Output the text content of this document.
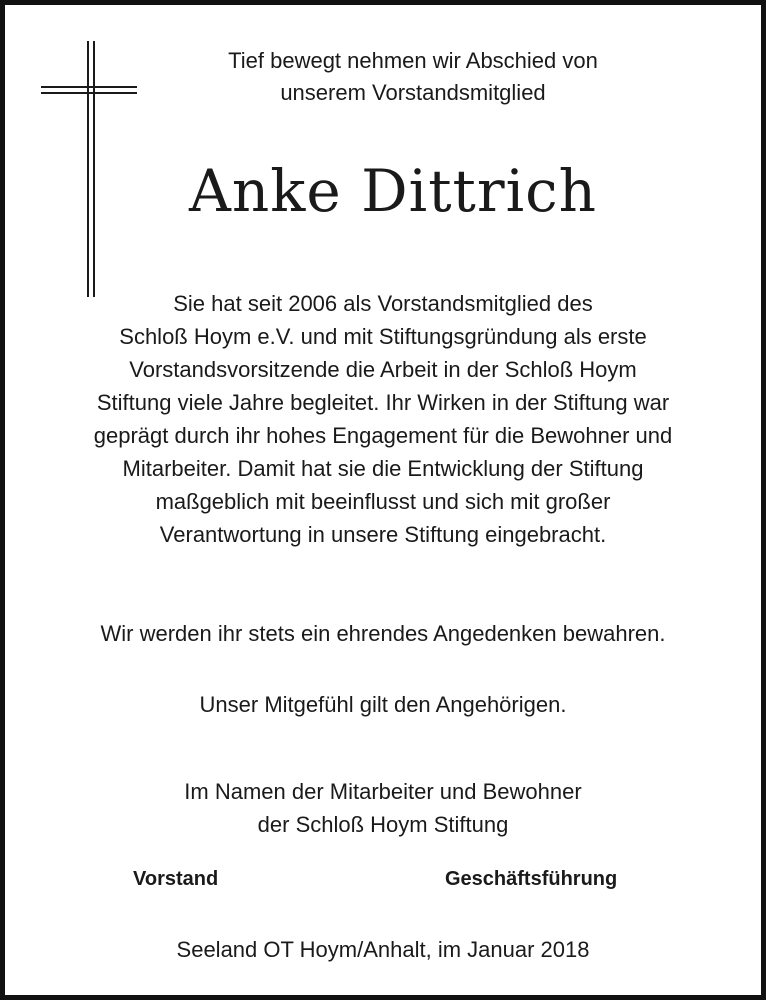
Tief bewegt nehmen wir Abschied von
unserem Vorstandsmitglied
Anke Dittrich
Sie hat seit 2006 als Vorstandsmitglied des
Schloß Hoym e.V. und mit Stiftungsgründung als erste
Vorstandsvorsitzende die Arbeit in der Schloß Hoym
Stiftung viele Jahre begleitet. Ihr Wirken in der Stiftung war
geprägt durch ihr hohes Engagement für die Bewohner und
Mitarbeiter. Damit hat sie die Entwicklung der Stiftung
maßgeblich mit beeinflusst und sich mit großer
Verantwortung in unsere Stiftung eingebracht.
Wir werden ihr stets ein ehrendes Angedenken bewahren.
Unser Mitgefühl gilt den Angehörigen.
Im Namen der Mitarbeiter und Bewohner
der Schloß Hoym Stiftung
Vorstand	Geschäftsführung
Seeland OT Hoym/Anhalt, im Januar 2018
